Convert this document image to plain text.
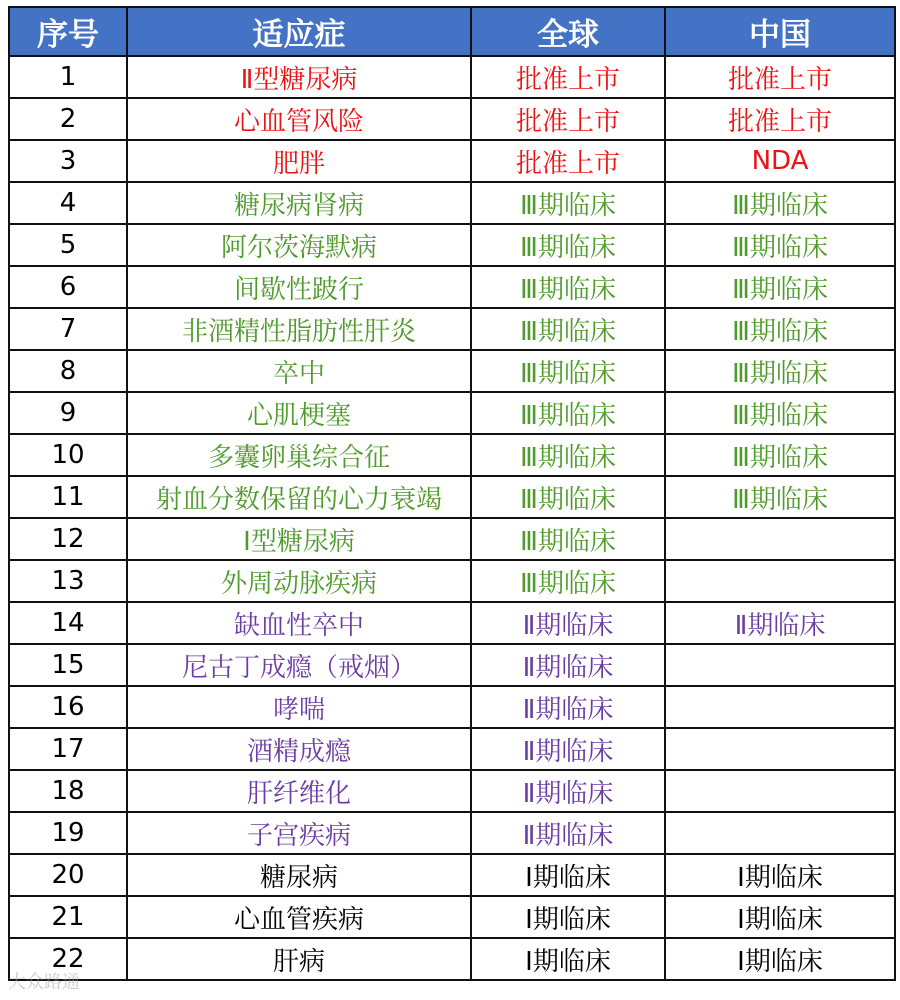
序号	适应症	全球	中国
1	Ⅱ型糖尿病	批准上市	批准上市
2	心血管风险	批准上市	批准上市
3	肥胖	批准上市	NDA
4	糖尿病肾病	Ⅲ期临床	Ⅲ期临床
5	阿尔茨海默病	Ⅲ期临床	Ⅲ期临床
6	间歇性跛行	Ⅲ期临床	Ⅲ期临床
7	非酒精性脂肪性肝炎	Ⅲ期临床	Ⅲ期临床
8	卒中	Ⅲ期临床	Ⅲ期临床
9	心肌梗塞	Ⅲ期临床	Ⅲ期临床
10	多囊卵巢综合征	Ⅲ期临床	Ⅲ期临床
11	射血分数保留的心力衰竭	Ⅲ期临床	Ⅲ期临床
12	Ⅰ型糖尿病	Ⅲ期临床	
13	外周动脉疾病	Ⅲ期临床	
14	缺血性卒中	Ⅱ期临床	Ⅱ期临床
15	尼古丁成瘾（戒烟）	Ⅱ期临床	
16	哮喘	Ⅱ期临床	
17	酒精成瘾	Ⅱ期临床	
18	肝纤维化	Ⅱ期临床	
19	子宫疾病	Ⅱ期临床	
20	糖尿病	Ⅰ期临床	Ⅰ期临床
21	心血管疾病	Ⅰ期临床	Ⅰ期临床
22	肝病	Ⅰ期临床	Ⅰ期临床
大众路通
